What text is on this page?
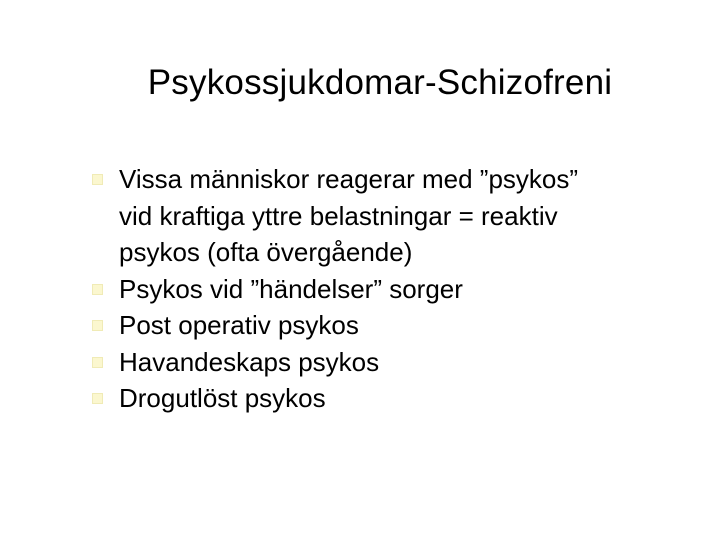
Psykossjukdomar-Schizofreni
Vissa människor reagerar med ”psykos”
vid kraftiga yttre belastningar = reaktiv
psykos (ofta övergående)
Psykos vid ”händelser” sorger
Post operativ psykos
Havandeskaps psykos
Drogutlöst psykos
